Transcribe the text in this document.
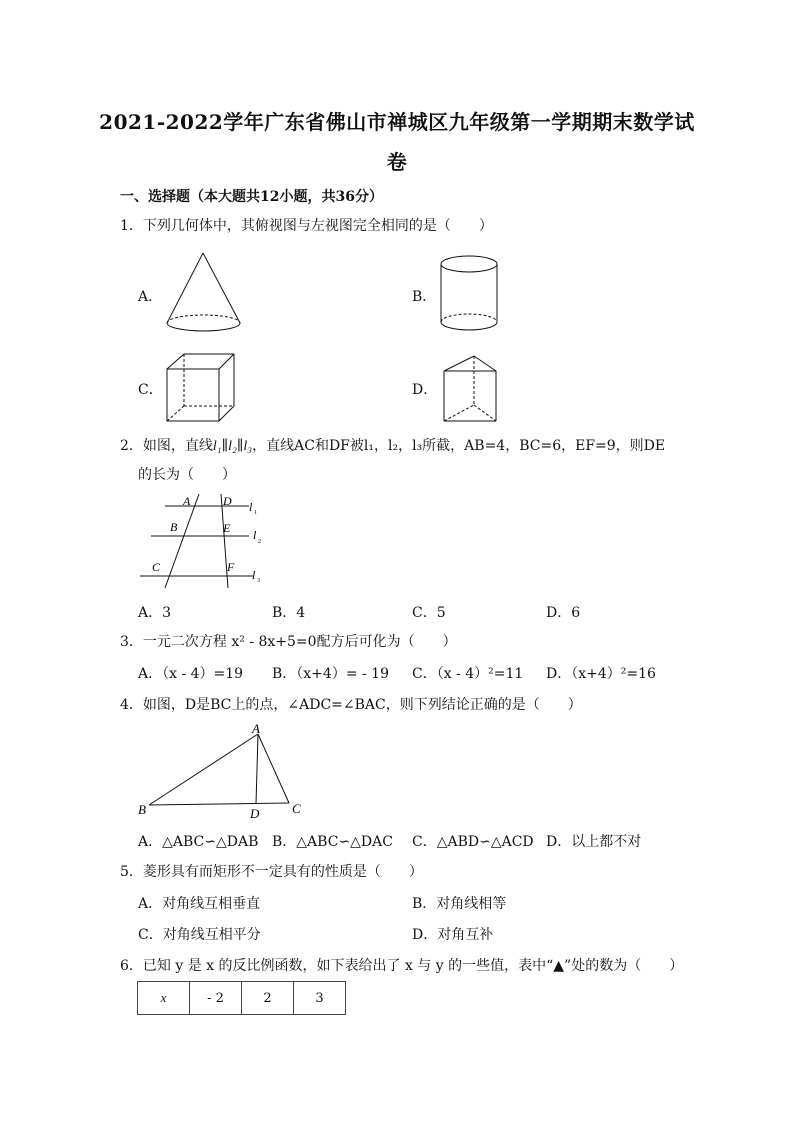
2021-2022学年广东省佛山市禅城区九年级第一学期期末数学试
卷
一、选择题（本大题共12小题，共36分）
1．下列几何体中，其俯视图与左视图完全相同的是（　　）
A．	B．
C．	D．
2．如图，直线l₁∥l₂∥l₃，直线AC和DF被l₁，l₂，l₃所截，AB=4，BC=6，EF=9，则DE
的长为（　　）
A	D
B	E
C	F
l 1
l 2
l 3
A．3	B．4	C．5	D．6
3．一元二次方程 x² - 8x+5=0配方后可化为（　　）
A．（x - 4）=19 B．（x+4）= - 19 C．（x - 4）²=11 D．（x+4）²=16
4．如图，D是BC上的点，∠ADC=∠BAC，则下列结论正确的是（　　）
A
B	C
D
A．△ABC∽△DAB B．△ABC∽△DAC C．△ABD∽△ACD D．以上都不对
5．菱形具有而矩形不一定具有的性质是（　　）
A．对角线互相垂直	B．对角线相等
C．对角线互相平分	D．对角互补
6．已知 y 是 x 的反比例函数，如下表给出了 x 与 y 的一些值，表中“▲”处的数为（　　）
x	- 2	2	3
